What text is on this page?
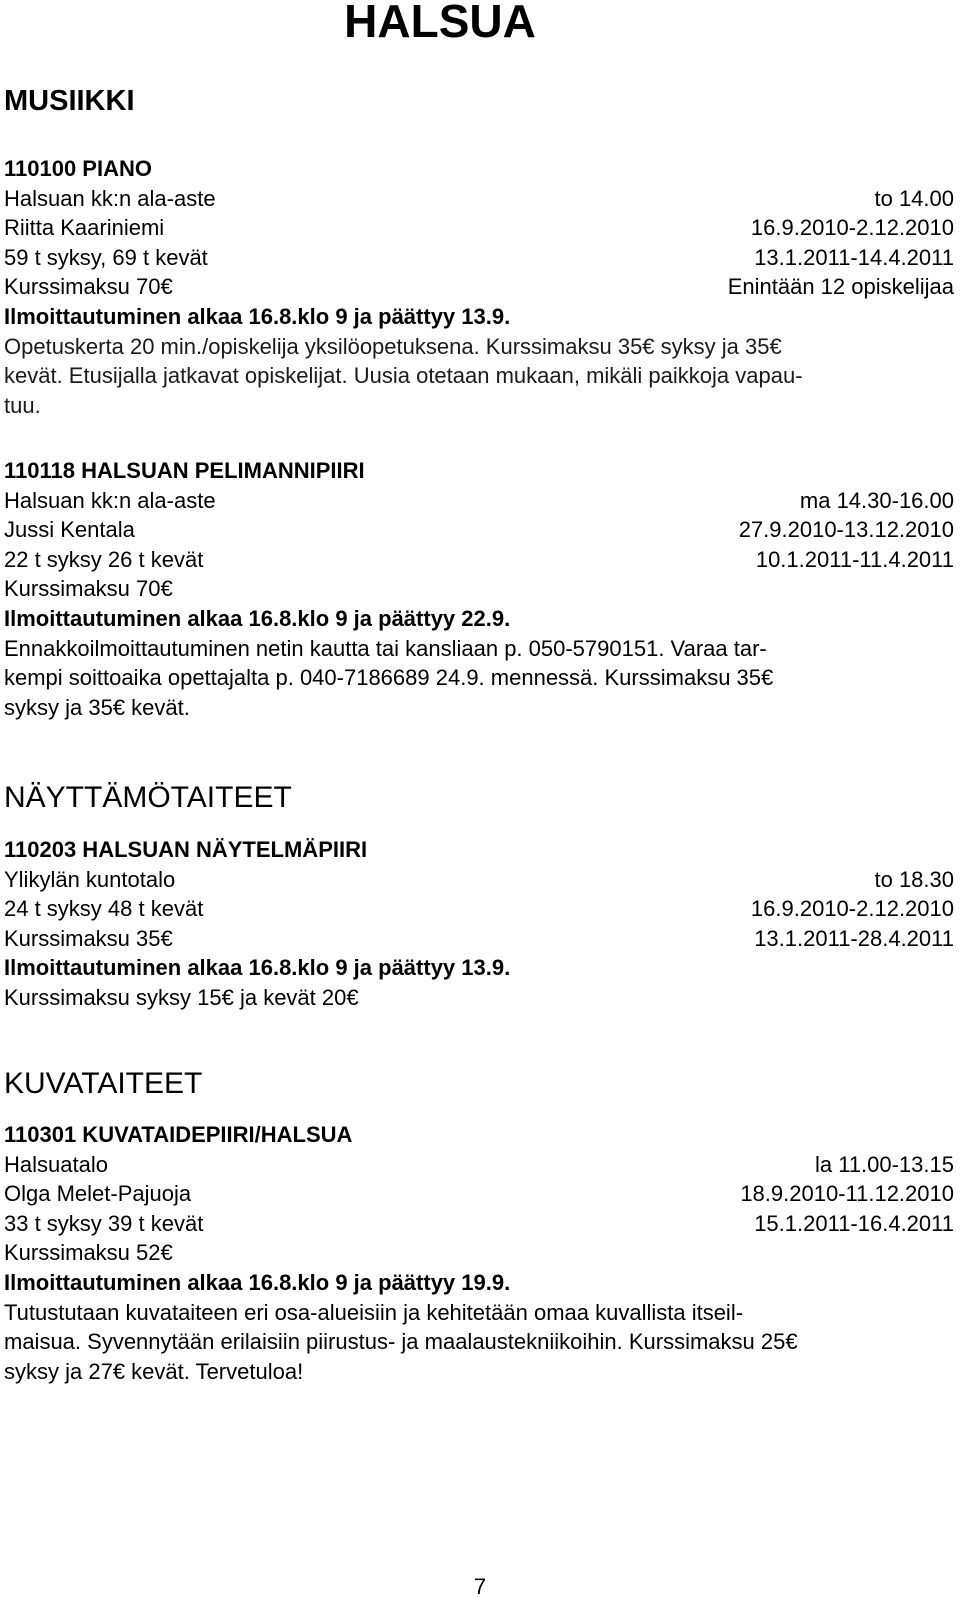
HALSUA
MUSIIKKI
110100 PIANO
Halsuan kk:n ala-aste	to 14.00
Riitta Kaariniemi	16.9.2010-2.12.2010
59 t syksy, 69 t kevät	13.1.2011-14.4.2011
Kurssimaksu 70€	Enintään 12 opiskelijaa
Ilmoittautuminen alkaa 16.8.klo 9 ja päättyy 13.9.
Opetuskerta 20 min./opiskelija yksilöopetuksena. Kurssimaksu 35€ syksy ja 35€
kevät. Etusijalla jatkavat opiskelijat. Uusia otetaan mukaan, mikäli paikkoja vapau-
tuu.
110118 HALSUAN PELIMANNIPIIRI
Halsuan kk:n ala-aste	ma 14.30-16.00
Jussi Kentala	27.9.2010-13.12.2010
22 t syksy 26 t kevät	10.1.2011-11.4.2011
Kurssimaksu 70€
Ilmoittautuminen alkaa 16.8.klo 9 ja päättyy 22.9.
Ennakkoilmoittautuminen netin kautta tai kansliaan p. 050-5790151. Varaa tar-
kempi soittoaika opettajalta p. 040-7186689 24.9. mennessä. Kurssimaksu 35€
syksy ja 35€ kevät.
NÄYTTÄMÖTAITEET
110203 HALSUAN NÄYTELMÄPIIRI
Ylikylän kuntotalo	to 18.30
24 t syksy 48 t kevät	16.9.2010-2.12.2010
Kurssimaksu 35€	13.1.2011-28.4.2011
Ilmoittautuminen alkaa 16.8.klo 9 ja päättyy 13.9.
Kurssimaksu syksy 15€ ja kevät 20€
KUVATAITEET
110301 KUVATAIDEPIIRI/HALSUA
Halsuatalo	la 11.00-13.15
Olga Melet-Pajuoja	18.9.2010-11.12.2010
33 t syksy 39 t kevät	15.1.2011-16.4.2011
Kurssimaksu 52€
Ilmoittautuminen alkaa 16.8.klo 9 ja päättyy 19.9.
Tutustutaan kuvataiteen eri osa-alueisiin ja kehitetään omaa kuvallista itseil-
maisua. Syvennytään erilaisiin piirustus- ja maalaustekniikoihin. Kurssimaksu 25€
syksy ja 27€ kevät. Tervetuloa!
7
